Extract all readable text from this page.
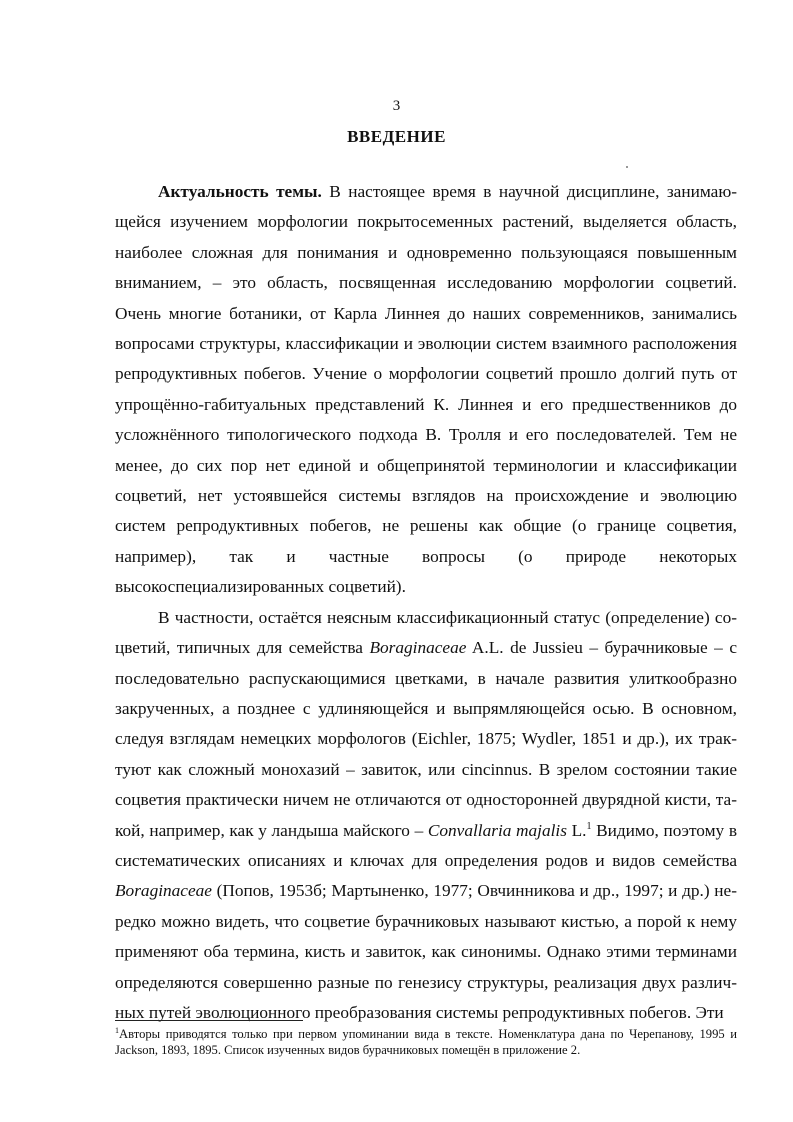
3
ВВЕДЕНИЕ

Актуальность темы. В настоящее время в научной дисциплине, занимающейся изучением морфологии покрытосеменных растений, выделяется область, наиболее сложная для понимания и одновременно пользующаяся повышенным вниманием, – это область, посвященная исследованию морфологии соцветий. Очень многие ботаники, от Карла Линнея до наших современников, занимались вопросами структуры, классификации и эволюции систем взаимного расположения репродуктивных побегов. Учение о морфологии соцветий прошло долгий путь от упрощённо-габитуальных представлений К. Линнея и его предшественников до усложнённого типологического подхода В. Тролля и его последователей. Тем не менее, до сих пор нет единой и общепринятой терминологии и классификации соцветий, нет устоявшейся системы взглядов на происхождение и эволюцию систем репродуктивных побегов, не решены как общие (о границе соцветия, например), так и частные вопросы (о природе некоторых высокоспециализированных соцветий).

В частности, остаётся неясным классификационный статус (определение) соцветий, типичных для семейства Boraginaceae A.L. de Jussieu – бурачниковые – с последовательно распускающимися цветками, в начале развития улиткообразно закрученных, а позднее с удлиняющейся и выпрямляющейся осью. В основном, следуя взглядам немецких морфологов (Eichler, 1875; Wydler, 1851 и др.), их трактуют как сложный монохазий – завиток, или cincinnus. В зрелом состоянии такие соцветия практически ничем не отличаются от односторонней двурядной кисти, такой, например, как у ландыша майского – Convallaria majalis L.$^1$ Видимо, поэтому в систематических описаниях и ключах для определения родов и видов семейства Boraginaceae (Попов, 1953б; Мартыненко, 1977; Овчинникова и др., 1997; и др.) нередко можно видеть, что соцветие бурачниковых называют кистью, а порой к нему применяют оба термина, кисть и завиток, как синонимы. Однако этими терминами определяются совершенно разные по генезису структуры, реализация двух различных путей эволюционного преобразования системы репродуктивных побегов. Эти

$^1$Авторы приводятся только при первом упоминании вида в тексте. Номенклатура дана по Черепанову, 1995 и Jackson, 1893, 1895. Список изученных видов бурачниковых помещён в приложение 2.
